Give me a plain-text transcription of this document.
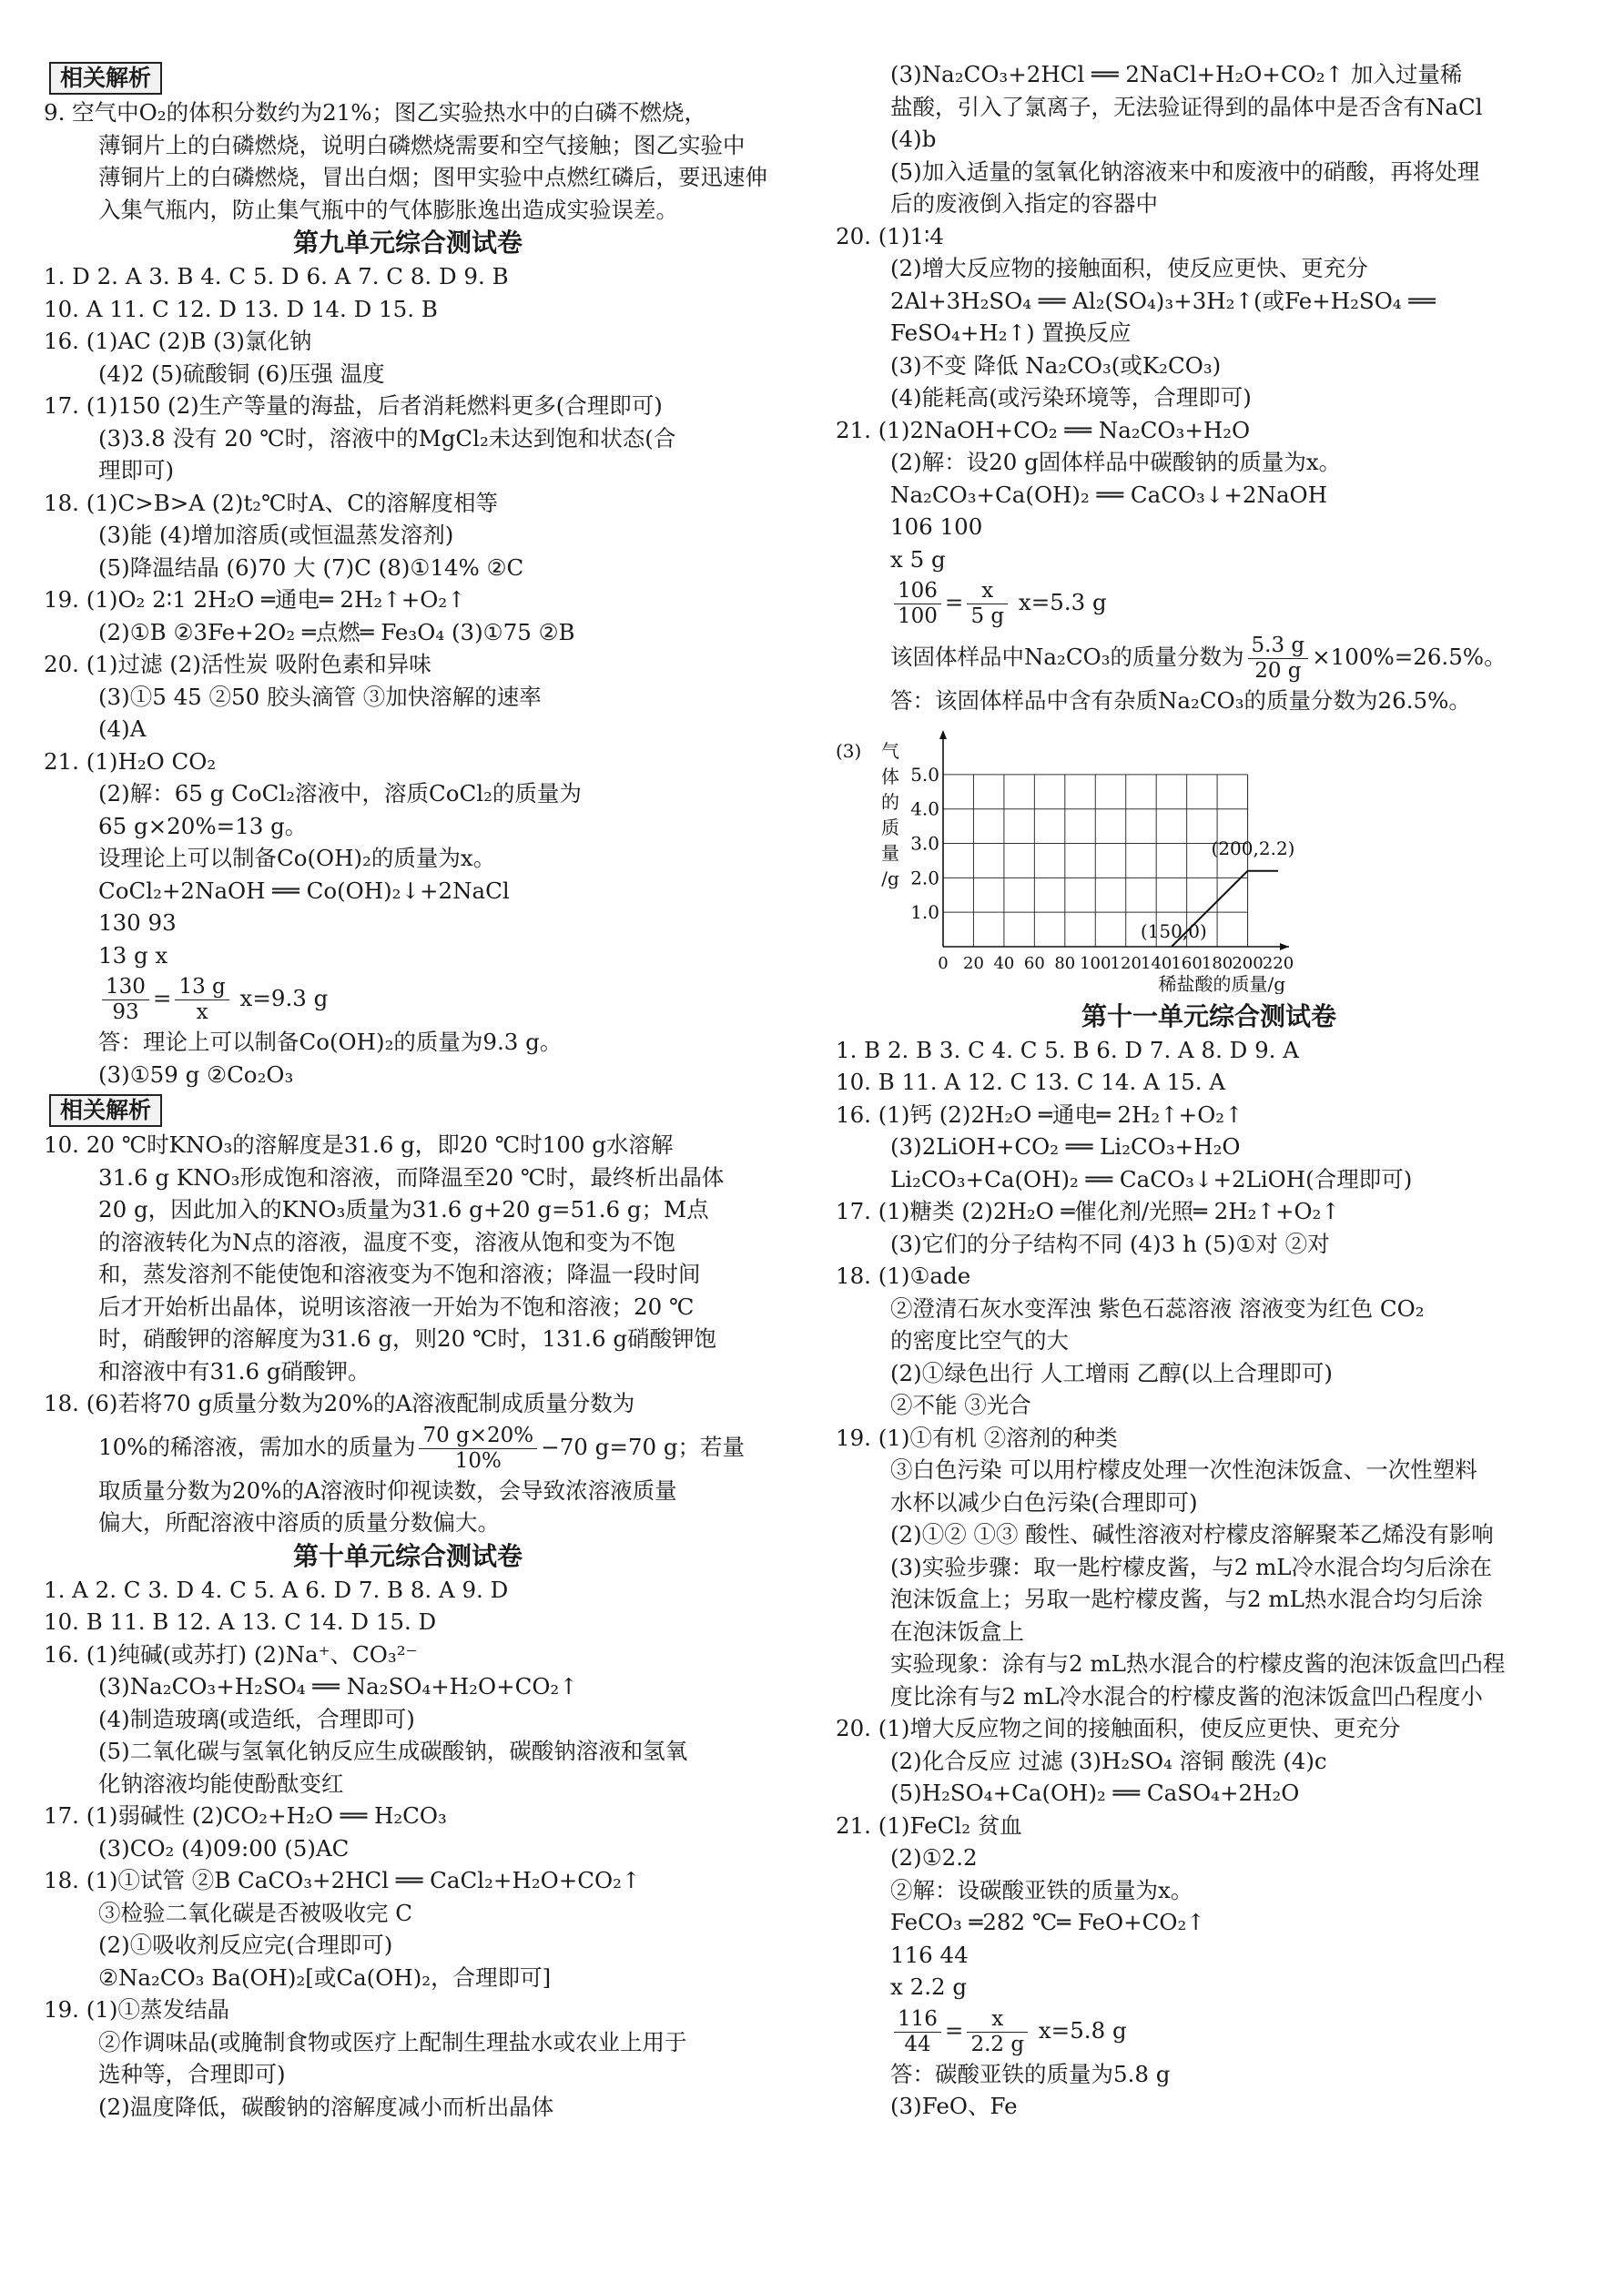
相关解析
9. 空气中O₂的体积分数约为21%；图乙实验热水中的白磷不燃烧，
薄铜片上的白磷燃烧，说明白磷燃烧需要和空气接触；图乙实验中
薄铜片上的白磷燃烧，冒出白烟；图甲实验中点燃红磷后，要迅速伸
入集气瓶内，防止集气瓶中的气体膨胀逸出造成实验误差。
第九单元综合测试卷
1. D 2. A 3. B 4. C 5. D 6. A 7. C 8. D 9. B
10. A 11. C 12. D 13. D 14. D 15. B
16. (1)AC (2)B (3)氯化钠
(4)2 (5)硫酸铜 (6)压强 温度
17. (1)150 (2)生产等量的海盐，后者消耗燃料更多(合理即可)
(3)3.8 没有 20 ℃时，溶液中的MgCl₂未达到饱和状态(合
理即可)
18. (1)C>B>A (2)t₂℃时A、C的溶解度相等
(3)能 (4)增加溶质(或恒温蒸发溶剂)
(5)降温结晶 (6)70 大 (7)C (8)①14% ②C
19. (1)O₂ 2∶1 2H₂O ═通电═ 2H₂↑+O₂↑
(2)①B ②3Fe+2O₂ ═点燃═ Fe₃O₄ (3)①75 ②B
20. (1)过滤 (2)活性炭 吸附色素和异味
(3)①5 45 ②50 胶头滴管 ③加快溶解的速率
(4)A
21. (1)H₂O CO₂
(2)解：65 g CoCl₂溶液中，溶质CoCl₂的质量为
65 g×20%=13 g。
设理论上可以制备Co(OH)₂的质量为x。
CoCl₂+2NaOH ══ Co(OH)₂↓+2NaCl
130 93
13 g x
$\frac{130}{93} = \frac{13 g}{x} x=9.3$ g
答：理论上可以制备Co(OH)₂的质量为9.3 g。
(3)①59 g ②Co₂O₃
相关解析
10. 20 ℃时KNO₃的溶解度是31.6 g，即20 ℃时100 g水溶解
31.6 g KNO₃形成饱和溶液，而降温至20 ℃时，最终析出晶体
20 g，因此加入的KNO₃质量为31.6 g+20 g=51.6 g；M点
的溶液转化为N点的溶液，温度不变，溶液从饱和变为不饱
和，蒸发溶剂不能使饱和溶液变为不饱和溶液；降温一段时间
后才开始析出晶体，说明该溶液一开始为不饱和溶液；20 ℃
时，硝酸钾的溶解度为31.6 g，则20 ℃时，131.6 g硝酸钾饱
和溶液中有31.6 g硝酸钾。
18. (6)若将70 g质量分数为20%的A溶液配制成质量分数为
10%的稀溶液，需加水的质量为 $\frac{70 g\times 20\%}{10\%} -70$ g=70 g；若量
取质量分数为20%的A溶液时仰视读数，会导致浓溶液质量
偏大，所配溶液中溶质的质量分数偏大。
第十单元综合测试卷
1. A 2. C 3. D 4. C 5. A 6. D 7. B 8. A 9. D
10. B 11. B 12. A 13. C 14. D 15. D
16. (1)纯碱(或苏打) (2)Na⁺、CO₃²⁻
(3)Na₂CO₃+H₂SO₄ ══ Na₂SO₄+H₂O+CO₂↑
(4)制造玻璃(或造纸，合理即可)
(5)二氧化碳与氢氧化钠反应生成碳酸钠，碳酸钠溶液和氢氧
化钠溶液均能使酚酞变红
17. (1)弱碱性 (2)CO₂+H₂O ══ H₂CO₃
(3)CO₂ (4)09:00 (5)AC
18. (1)①试管 ②B CaCO₃+2HCl ══ CaCl₂+H₂O+CO₂↑
③检验二氧化碳是否被吸收完 C
(2)①吸收剂反应完(合理即可)
②Na₂CO₃ Ba(OH)₂[或Ca(OH)₂，合理即可]
19. (1)①蒸发结晶
②作调味品(或腌制食物或医疗上配制生理盐水或农业上用于
选种等，合理即可)
(2)温度降低，碳酸钠的溶解度减小而析出晶体
(3)Na₂CO₃+2HCl ══ 2NaCl+H₂O+CO₂↑ 加入过量稀
盐酸，引入了氯离子，无法验证得到的晶体中是否含有NaCl
(4)b
(5)加入适量的氢氧化钠溶液来中和废液中的硝酸，再将处理
后的废液倒入指定的容器中
20. (1)1∶4
(2)增大反应物的接触面积，使反应更快、更充分
2Al+3H₂SO₄ ══ Al₂(SO₄)₃+3H₂↑(或Fe+H₂SO₄ ══
FeSO₄+H₂↑) 置换反应
(3)不变 降低 Na₂CO₃(或K₂CO₃)
(4)能耗高(或污染环境等，合理即可)
21. (1)2NaOH+CO₂ ══ Na₂CO₃+H₂O
(2)解：设20 g固体样品中碳酸钠的质量为x。
Na₂CO₃+Ca(OH)₂ ══ CaCO₃↓+2NaOH
106 100
x 5 g
$\frac{106}{100} = \frac{x}{5 g} x=5.3$ g
该固体样品中Na₂CO₃的质量分数为 $\frac{5.3 g}{20 g} \times 100\%=26.5\%$。
答：该固体样品中含有杂质Na₂CO₃的质量分数为26.5%。
0 20 40 60 80 100 120 140 160 180 200 220
1.0
2.0
3.0
4.0
5.0
稀盐酸的质量/g
(3) 气
体
的
质
量
/g
(150,0)
(200,2.2)
第十一单元综合测试卷
1. B 2. B 3. C 4. C 5. B 6. D 7. A 8. D 9. A
10. B 11. A 12. C 13. C 14. A 15. A
16. (1)钙 (2)2H₂O ═通电═ 2H₂↑+O₂↑
(3)2LiOH+CO₂ ══ Li₂CO₃+H₂O
Li₂CO₃+Ca(OH)₂ ══ CaCO₃↓+2LiOH(合理即可)
17. (1)糖类 (2)2H₂O ═催化剂/光照═ 2H₂↑+O₂↑
(3)它们的分子结构不同 (4)3 h (5)①对 ②对
18. (1)①ade
②澄清石灰水变浑浊 紫色石蕊溶液 溶液变为红色 CO₂
的密度比空气的大
(2)①绿色出行 人工增雨 乙醇(以上合理即可)
②不能 ③光合
19. (1)①有机 ②溶剂的种类
③白色污染 可以用柠檬皮处理一次性泡沫饭盒、一次性塑料
水杯以减少白色污染(合理即可)
(2)①② ①③ 酸性、碱性溶液对柠檬皮溶解聚苯乙烯没有影响
(3)实验步骤：取一匙柠檬皮酱，与2 mL冷水混合均匀后涂在
泡沫饭盒上；另取一匙柠檬皮酱，与2 mL热水混合均匀后涂
在泡沫饭盒上
实验现象：涂有与2 mL热水混合的柠檬皮酱的泡沫饭盒凹凸程
度比涂有与2 mL冷水混合的柠檬皮酱的泡沫饭盒凹凸程度小
20. (1)增大反应物之间的接触面积，使反应更快、更充分
(2)化合反应 过滤 (3)H₂SO₄ 溶铜 酸洗 (4)c
(5)H₂SO₄+Ca(OH)₂ ══ CaSO₄+2H₂O
21. (1)FeCl₂ 贫血
(2)①2.2
②解：设碳酸亚铁的质量为x。
FeCO₃ ═282 ℃═ FeO+CO₂↑
116 44
x 2.2 g
$\frac{116}{44} = \frac{x}{2.2 g} x=5.8$ g
答：碳酸亚铁的质量为5.8 g
(3)FeO、Fe
